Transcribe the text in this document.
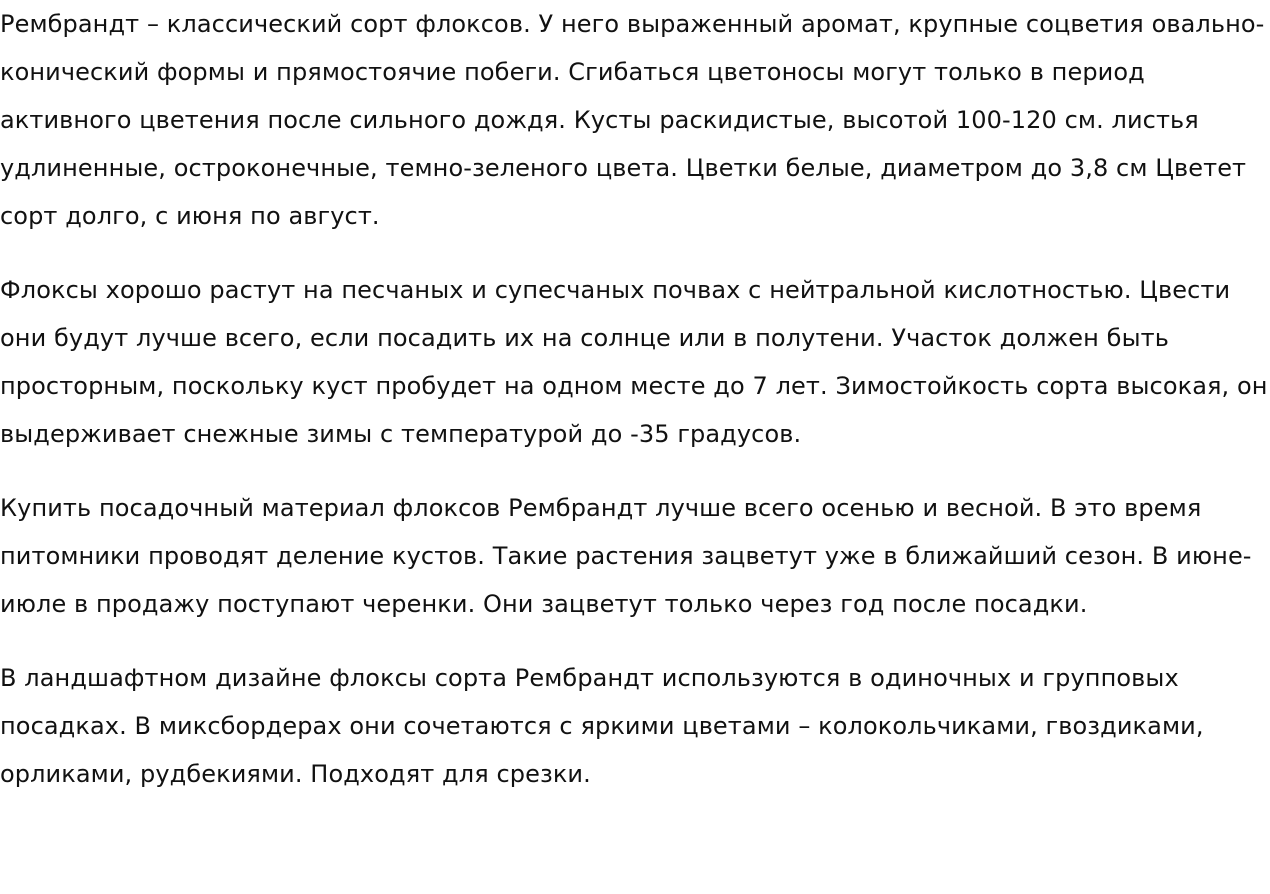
Рембрандт – классический сорт флоксов. У него выраженный аромат, крупные соцветия овально-конический формы и прямостоячие побеги. Сгибаться цветоносы могут только в период активного цветения после сильного дождя. Кусты раскидистые, высотой 100-120 см. листья удлиненные, остроконечные, темно-зеленого цвета. Цветки белые, диаметром до 3,8 см Цветет сорт долго, с июня по август.

Флоксы хорошо растут на песчаных и супесчаных почвах с нейтральной кислотностью. Цвести они будут лучше всего, если посадить их на солнце или в полутени. Участок должен быть просторным, поскольку куст пробудет на одном месте до 7 лет. Зимостойкость сорта высокая, он выдерживает снежные зимы с температурой до -35 градусов.

Купить посадочный материал флоксов Рембрандт лучше всего осенью и весной. В это время питомники проводят деление кустов. Такие растения зацветут уже в ближайший сезон. В июне-июле в продажу поступают черенки. Они зацветут только через год после посадки.

В ландшафтном дизайне флоксы сорта Рембрандт используются в одиночных и групповых посадках. В миксбордерах они сочетаются с яркими цветами – колокольчиками, гвоздиками, орликами, рудбекиями. Подходят для срезки.
